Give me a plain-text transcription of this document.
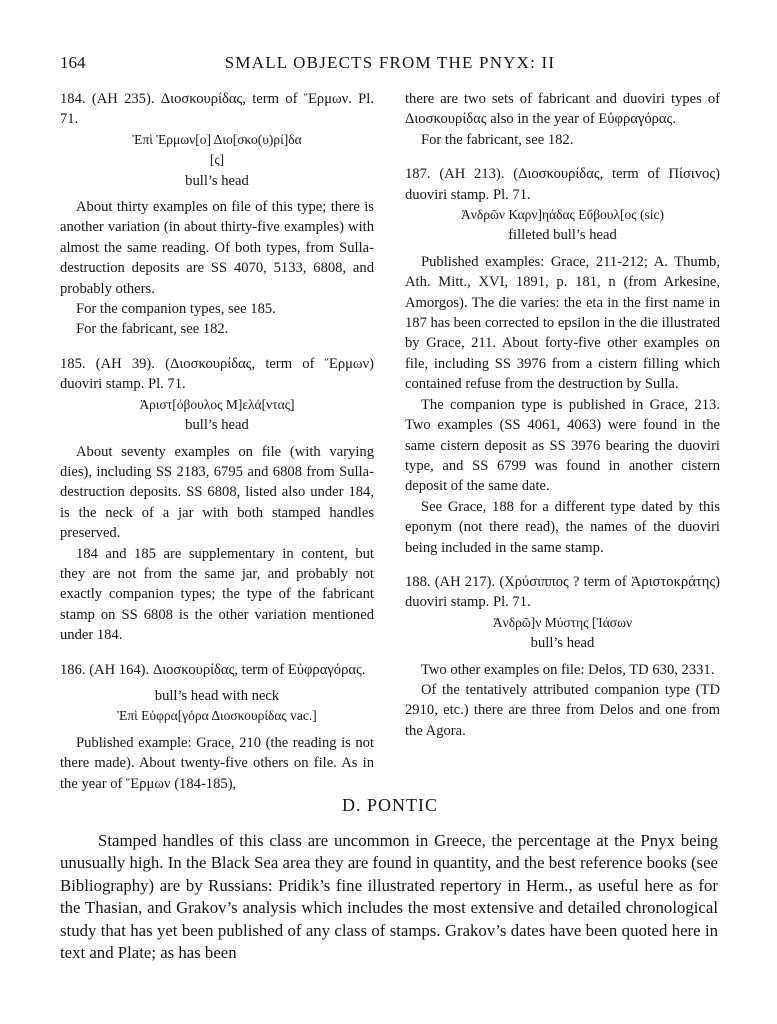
164	SMALL OBJECTS FROM THE PNYX: II

184. (AH 235). Διοσκουρίδας, term of Ἕρμων. Pl. 71.

Ἐπὶ Ἑρμων[ο] Διο[σκο(υ)ρί]δα

[ς]

bull’s head

About thirty examples on file of this type; there is another variation (in about thirty-five examples) with almost the same reading. Of both types, from Sulla-destruction deposits are SS 4070, 5133, 6808, and probably others.

For the companion types, see 185.

For the fabricant, see 182.

185. (AH 39). (Διοσκουρίδας, term of Ἕρμων) duoviri stamp. Pl. 71.

Ἀριστ[όβουλος Μ]ελά[ντας]

bull’s head

About seventy examples on file (with varying dies), including SS 2183, 6795 and 6808 from Sulla-destruction deposits. SS 6808, listed also under 184, is the neck of a jar with both stamped handles preserved.

184 and 185 are supplementary in content, but they are not from the same jar, and probably not exactly companion types; the type of the fabricant stamp on SS 6808 is the other variation mentioned under 184.

186. (AH 164). Διοσκουρίδας, term of Εὐφραγόρας.

bull’s head with neck

Ἐπὶ Εὐφρα[γόρα Διοσκουρίδας vac.]

Published example: Grace, 210 (the reading is not there made). About twenty-five others on file. As in the year of Ἕρμων (184-185),

there are two sets of fabricant and duoviri types of Διοσκουρίδας also in the year of Εὐφραγόρας.

For the fabricant, see 182.

187. (AH 213). (Διοσκουρίδας, term of Πίσιvος) duoviri stamp. Pl. 71.

Ἀνδρῶν Καρν]ηάδας Εὔβουλ[ος (sic)

filleted bull’s head

Published examples: Grace, 211-212; A. Thumb, Ath. Mitt., XVI, 1891, p. 181, n (from Arkesine, Amorgos). The die varies: the eta in the first name in 187 has been corrected to epsilon in the die illustrated by Grace, 211. About forty-five other examples on file, including SS 3976 from a cistern filling which contained refuse from the destruction by Sulla.

The companion type is published in Grace, 213. Two examples (SS 4061, 4063) were found in the same cistern deposit as SS 3976 bearing the duoviri type, and SS 6799 was found in another cistern deposit of the same date.

See Grace, 188 for a different type dated by this eponym (not there read), the names of the duoviri being included in the same stamp.

188. (AH 217). (Χρύσιππος ? term of Ἀριστοκράτης) duoviri stamp. Pl. 71.

Ἀνδρῶ]ν Μύστης [Ἰάσων

bull’s head

Two other examples on file: Delos, TD 630, 2331.

Of the tentatively attributed companion type (TD 2910, etc.) there are three from Delos and one from the Agora.

D. PONTIC

Stamped handles of this class are uncommon in Greece, the percentage at the Pnyx being unusually high. In the Black Sea area they are found in quantity, and the best reference books (see Bibliography) are by Russians: Pridik’s fine illustrated repertory in Herm., as useful here as for the Thasian, and Grakov’s analysis which includes the most extensive and detailed chronological study that has yet been published of any class of stamps. Grakov’s dates have been quoted here in text and Plate; as has been
